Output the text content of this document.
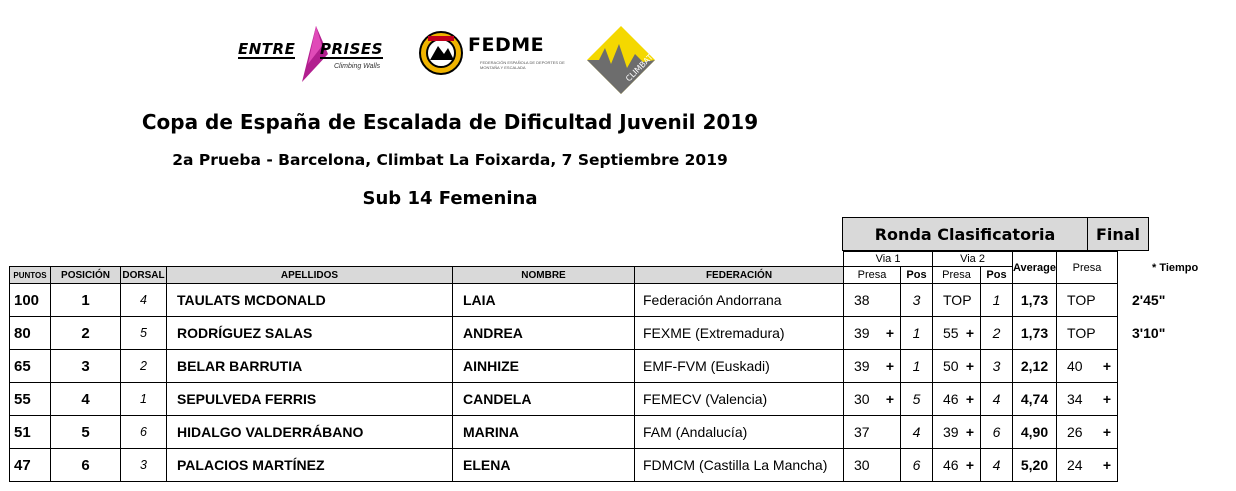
ENTRE PRISES
Climbing Walls
FEDME
FEDERACIÓN ESPAÑOLA DE DEPORTES DE MONTAÑA Y ESCALADA	CLIMBAT
Copa de España de Escalada de Dificultad Juvenil 2019
2a Prueba - Barcelona, Climbat La Foixarda, 7 Septiembre 2019
Sub 14 Femenina
Ronda Clasificatoria	Final
* Tiempo
						Via 1		Via 2		Average	Presa	
PUNTOS	POSICIÓN	DORSAL	APELLIDOS	NOMBRE	FEDERACIÓN	Presa	Pos	Presa	Pos			
100	1	4	TAULATS MCDONALD	LAIA	Federación Andorrana	38	3	TOP	1	1,73	TOP	2'45"
80	2	5	RODRÍGUEZ SALAS	ANDREA	FEXME (Extremadura)	39 +	1	55 +	2	1,73	TOP	3'10"
65	3	2	BELAR BARRUTIA	AINHIZE	EMF-FVM (Euskadi)	39 +	1	50 +	3	2,12	40 +	

55	4	1	SEPULVEDA FERRIS	CANDELA	FEMECV (Valencia)	30 +	5	46 +	4	4,74	34 +	

51	5	6	HIDALGO VALDERRÁBANO	MARINA	FAM (Andalucía)	37	4	39 +	6	4,90	26 +	

47	6	3	PALACIOS MARTÍNEZ	ELENA	FDMCM (Castilla La Mancha)	30	6	46 +	4	5,20	24 +	
